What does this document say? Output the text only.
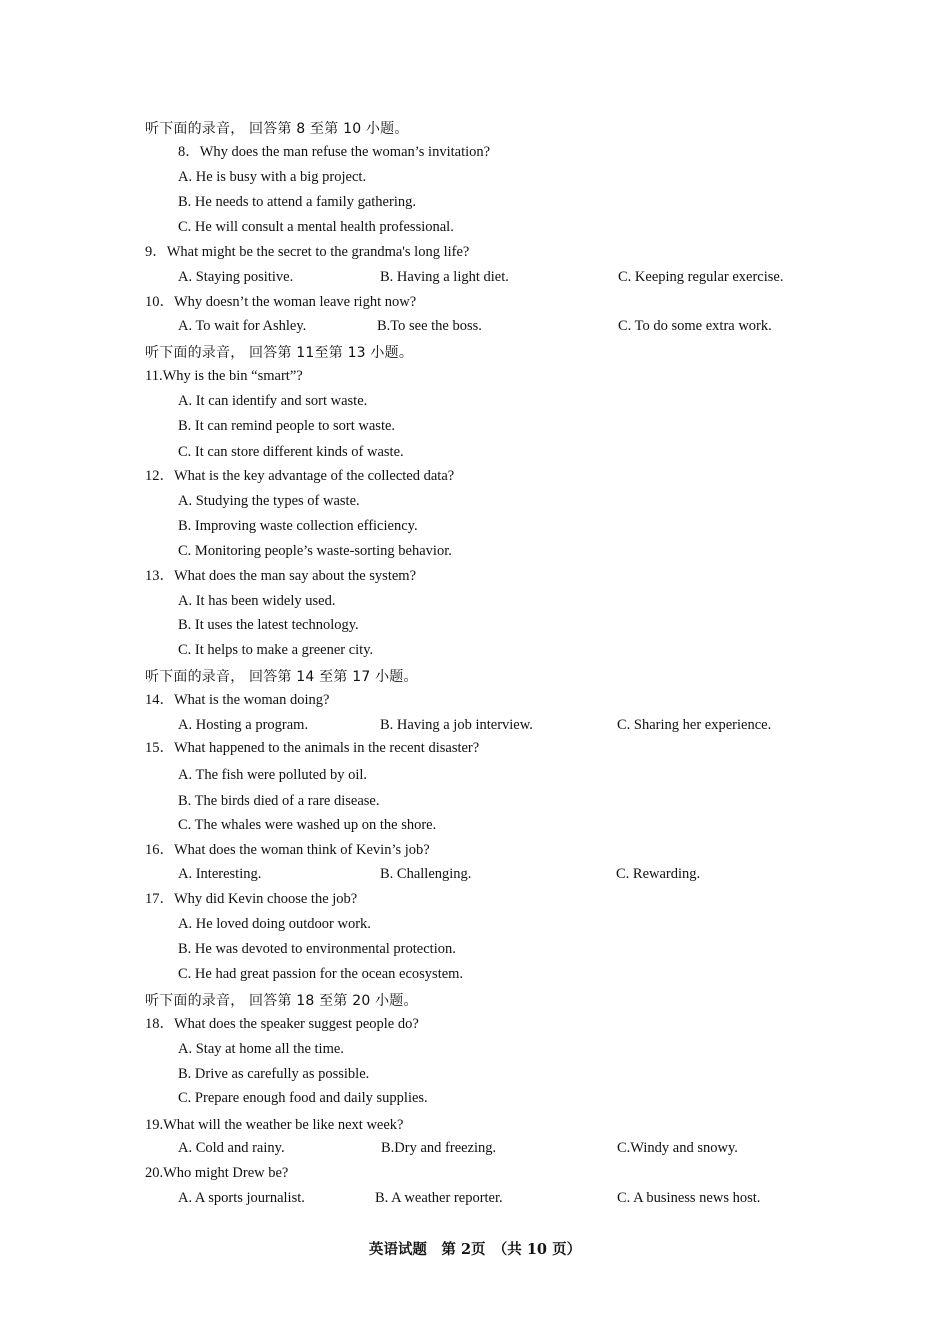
听下面的录音， 回答第 8 至第 10 小题。
8．Why does the man refuse the woman’s invitation?
A. He is busy with a big project.
B. He needs to attend a family gathering.
C. He will consult a mental health professional.
9．What might be the secret to the grandma's long life?
A. Staying positive.	B. Having a light diet.	C. Keeping regular exercise.
10．Why doesn’t the woman leave right now?
A. To wait for Ashley.	B.To see the boss.	C. To do some extra work.
听下面的录音， 回答第 11至第 13 小题。
11.Why is the bin “smart”?
A. It can identify and sort waste.
B. It can remind people to sort waste.
C. It can store different kinds of waste.
12．What is the key advantage of the collected data?
A. Studying the types of waste.
B. Improving waste collection efficiency.
C. Monitoring people’s waste-sorting behavior.
13．What does the man say about the system?
A. It has been widely used.
B. It uses the latest technology.
C. It helps to make a greener city.
听下面的录音， 回答第 14 至第 17 小题。
14．What is the woman doing?
A. Hosting a program.	B. Having a job interview.	C. Sharing her experience.
15．What happened to the animals in the recent disaster?
A. The fish were polluted by oil.
B. The birds died of a rare disease.
C. The whales were washed up on the shore.
16．What does the woman think of Kevin’s job?
A. Interesting.	B. Challenging.	C. Rewarding.
17．Why did Kevin choose the job?
A. He loved doing outdoor work.
B. He was devoted to environmental protection.
C. He had great passion for the ocean ecosystem.
听下面的录音， 回答第 18 至第 20 小题。
18．What does the speaker suggest people do?
A. Stay at home all the time.
B. Drive as carefully as possible.
C. Prepare enough food and daily supplies.
19.What will the weather be like next week?
A. Cold and rainy.	B.Dry and freezing.	C.Windy and snowy.
20.Who might Drew be?
A. A sports journalist.	B. A weather reporter.	C. A business news host.
英语试题　第 2页　（共 10 页）
